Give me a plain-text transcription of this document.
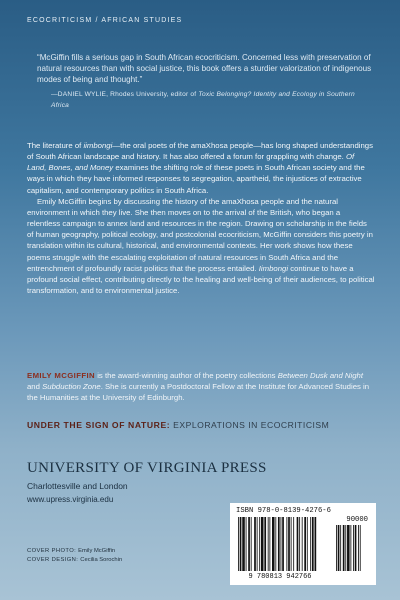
ECOCRITICISM / AFRICAN STUDIES

“McGiffin fills a serious gap in South African ecocriticism. Concerned less with preservation of natural resources than with social justice, this book offers a sturdier valorization of indigenous modes of being and thought.”

—DANIEL WYLIE, Rhodes University, editor of Toxic Belonging? Identity and Ecology in Southern Africa

The literature of iimbongi—the oral poets of the amaXhosa people—has long shaped understandings of South African landscape and history. It has also offered a forum for grappling with change. Of Land, Bones, and Money examines the shifting role of these poets in South African society and the ways in which they have informed responses to segregation, apartheid, the injustices of extractive capitalism, and contemporary politics in South Africa.

Emily McGiffin begins by discussing the history of the amaXhosa people and the natural environment in which they live. She then moves on to the arrival of the British, who began a relentless campaign to annex land and resources in the region. Drawing on scholarship in the fields of human geography, political ecology, and postcolonial ecocriticism, McGiffin considers this poetry in translation within its cultural, historical, and environmental contexts. Her work shows how these poems struggle with the escalating exploitation of natural resources in South Africa and the entrenchment of profoundly racist politics that the process entailed. Iimbongi continue to have a profound social effect, contributing directly to the healing and well-being of their audiences, to political transformation, and to environmental justice.

EMILY MCGIFFIN is the award-winning author of the poetry collections Between Dusk and Night and Subduction Zone. She is currently a Postdoctoral Fellow at the Institute for Advanced Studies in the Humanities at the University of Edinburgh.
UNDER THE SIGN OF NATURE: EXPLORATIONS IN ECOCRITICISM
UNIVERSITY OF VIRGINIA PRESS
Charlottesville and London
www.upress.virginia.edu
COVER PHOTO: Emily McGiffin
COVER DESIGN: Cecilia Sorochin
ISBN 978-0-8139-4276-6
90000
9 780813 942766
